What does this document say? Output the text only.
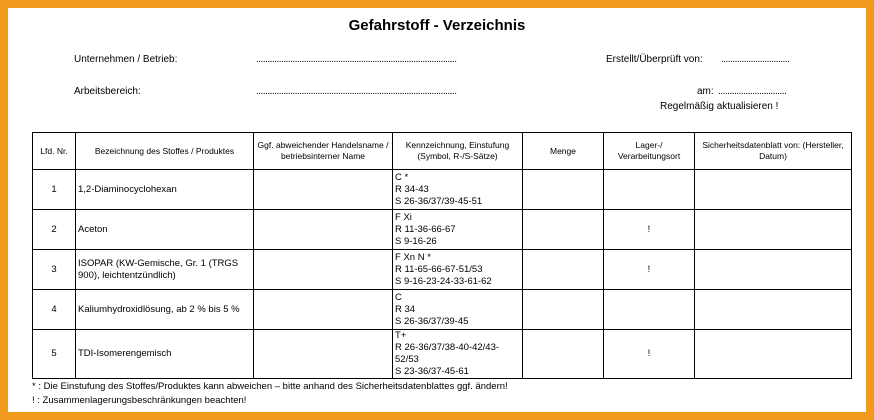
Gefahrstoff - Verzeichnis
Unternehmen / Betrieb:	........................................................................................	Erstellt/Überprüft von: ..............................
Arbeitsbereich:	........................................................................................	am: ..............................
Regelmäßig aktualisieren !
Lfd. Nr.	Bezeichnung des Stoffes / Produktes	Ggf. abweichender Handelsname / betriebsinterner Name	Kennzeichnung, Einstufung (Symbol, R-/S-Sätze)	Menge	Lager-/ Verarbeitungsort	Sicherheitsdatenblatt von: (Hersteller, Datum)
1	1,2-Diaminocyclohexan		C *
R 34-43
S 26-36/37/39-45-51			

2	Aceton		F Xi
R 11-36-66-67
S 9-16-26		!	
3	ISOPAR (KW-Gemische, Gr. 1 (TRGS 900), leichtentzündlich)		F Xn N *
R 11-65-66-67-51/53
S 9-16-23-24-33-61-62		!	
4	Kaliumhydroxidlösung, ab 2 % bis 5 %		C
R 34
S 26-36/37/39-45			

5	TDI-Isomerengemisch		T+
R 26-36/37/38-40-42/43-52/53
S 23-36/37-45-61		!	
* : Die Einstufung des Stoffes/Produktes kann abweichen – bitte anhand des Sicherheitsdatenblattes ggf. ändern!
! : Zusammenlagerungsbeschränkungen beachten!
